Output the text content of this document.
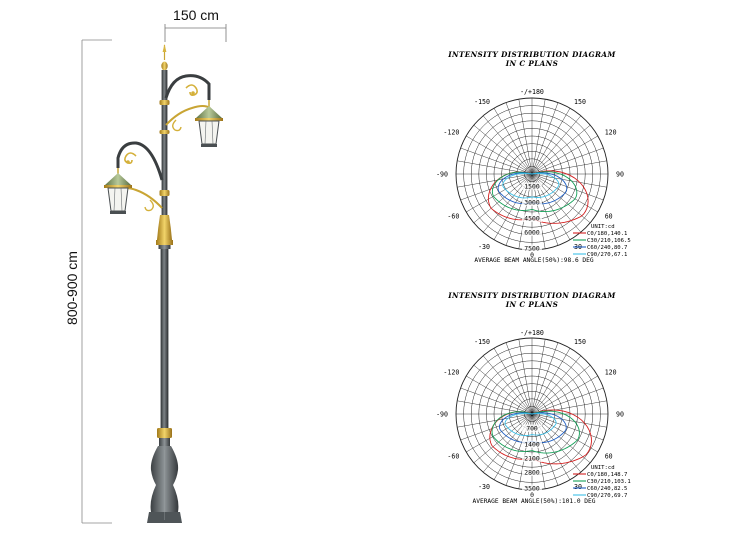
150 cm
800-900 cm
INTENSITY DISTRIBUTION DIAGRAM
IN C PLANS
-/+180
-150	150
-120	120
-90	90
-60	60
-30	30
1500
3000
4500
6000
7500
0
UNIT:cd
C0/180,140.1
C30/210,106.5
C60/240,80.7
C90/270,67.1
AVERAGE BEAM ANGLE(50%):98.6 DEG
INTENSITY DISTRIBUTION DIAGRAM
IN C PLANS
-/+180
-150	150
-120	120
-90	90
-60	60
-30	30
0
700
1400
2100
2800
3500
0
UNIT:cd
C0/180,148.7
C30/210,103.1
C60/240,82.5
C90/270,69.7
AVERAGE BEAM ANGLE(50%):101.0 DEG
